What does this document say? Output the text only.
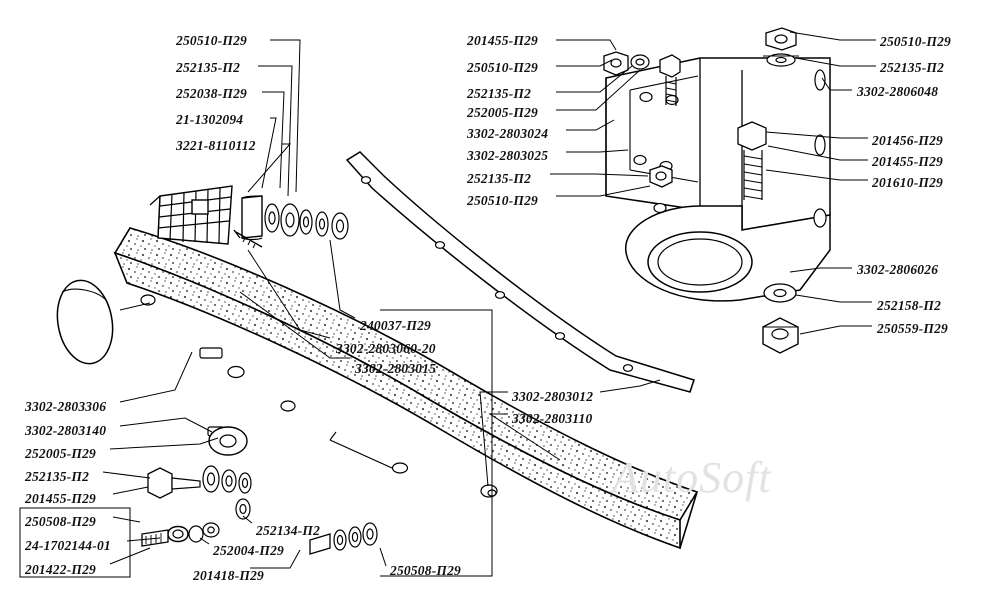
AutoSoft
250510-П29
252135-П2
252038-П29
21-1302094
3221-8110112
201455-П29
250510-П29
252135-П2
252005-П29
3302-2803024
3302-2803025
252135-П2
250510-П29
250510-П29
252135-П2
3302-2806048
201456-П29
201455-П29
201610-П29
3302-2806026
252158-П2
250559-П29
240037-П29
3302-2803060-20
3302-2803015
3302-2803012
3302-2803110
3302-2803306
3302-2803140
252005-П29
252135-П2
201455-П29
250508-П29
24-1702144-01
201422-П29
252134-П2
252004-П29
201418-П29	250508-П29
